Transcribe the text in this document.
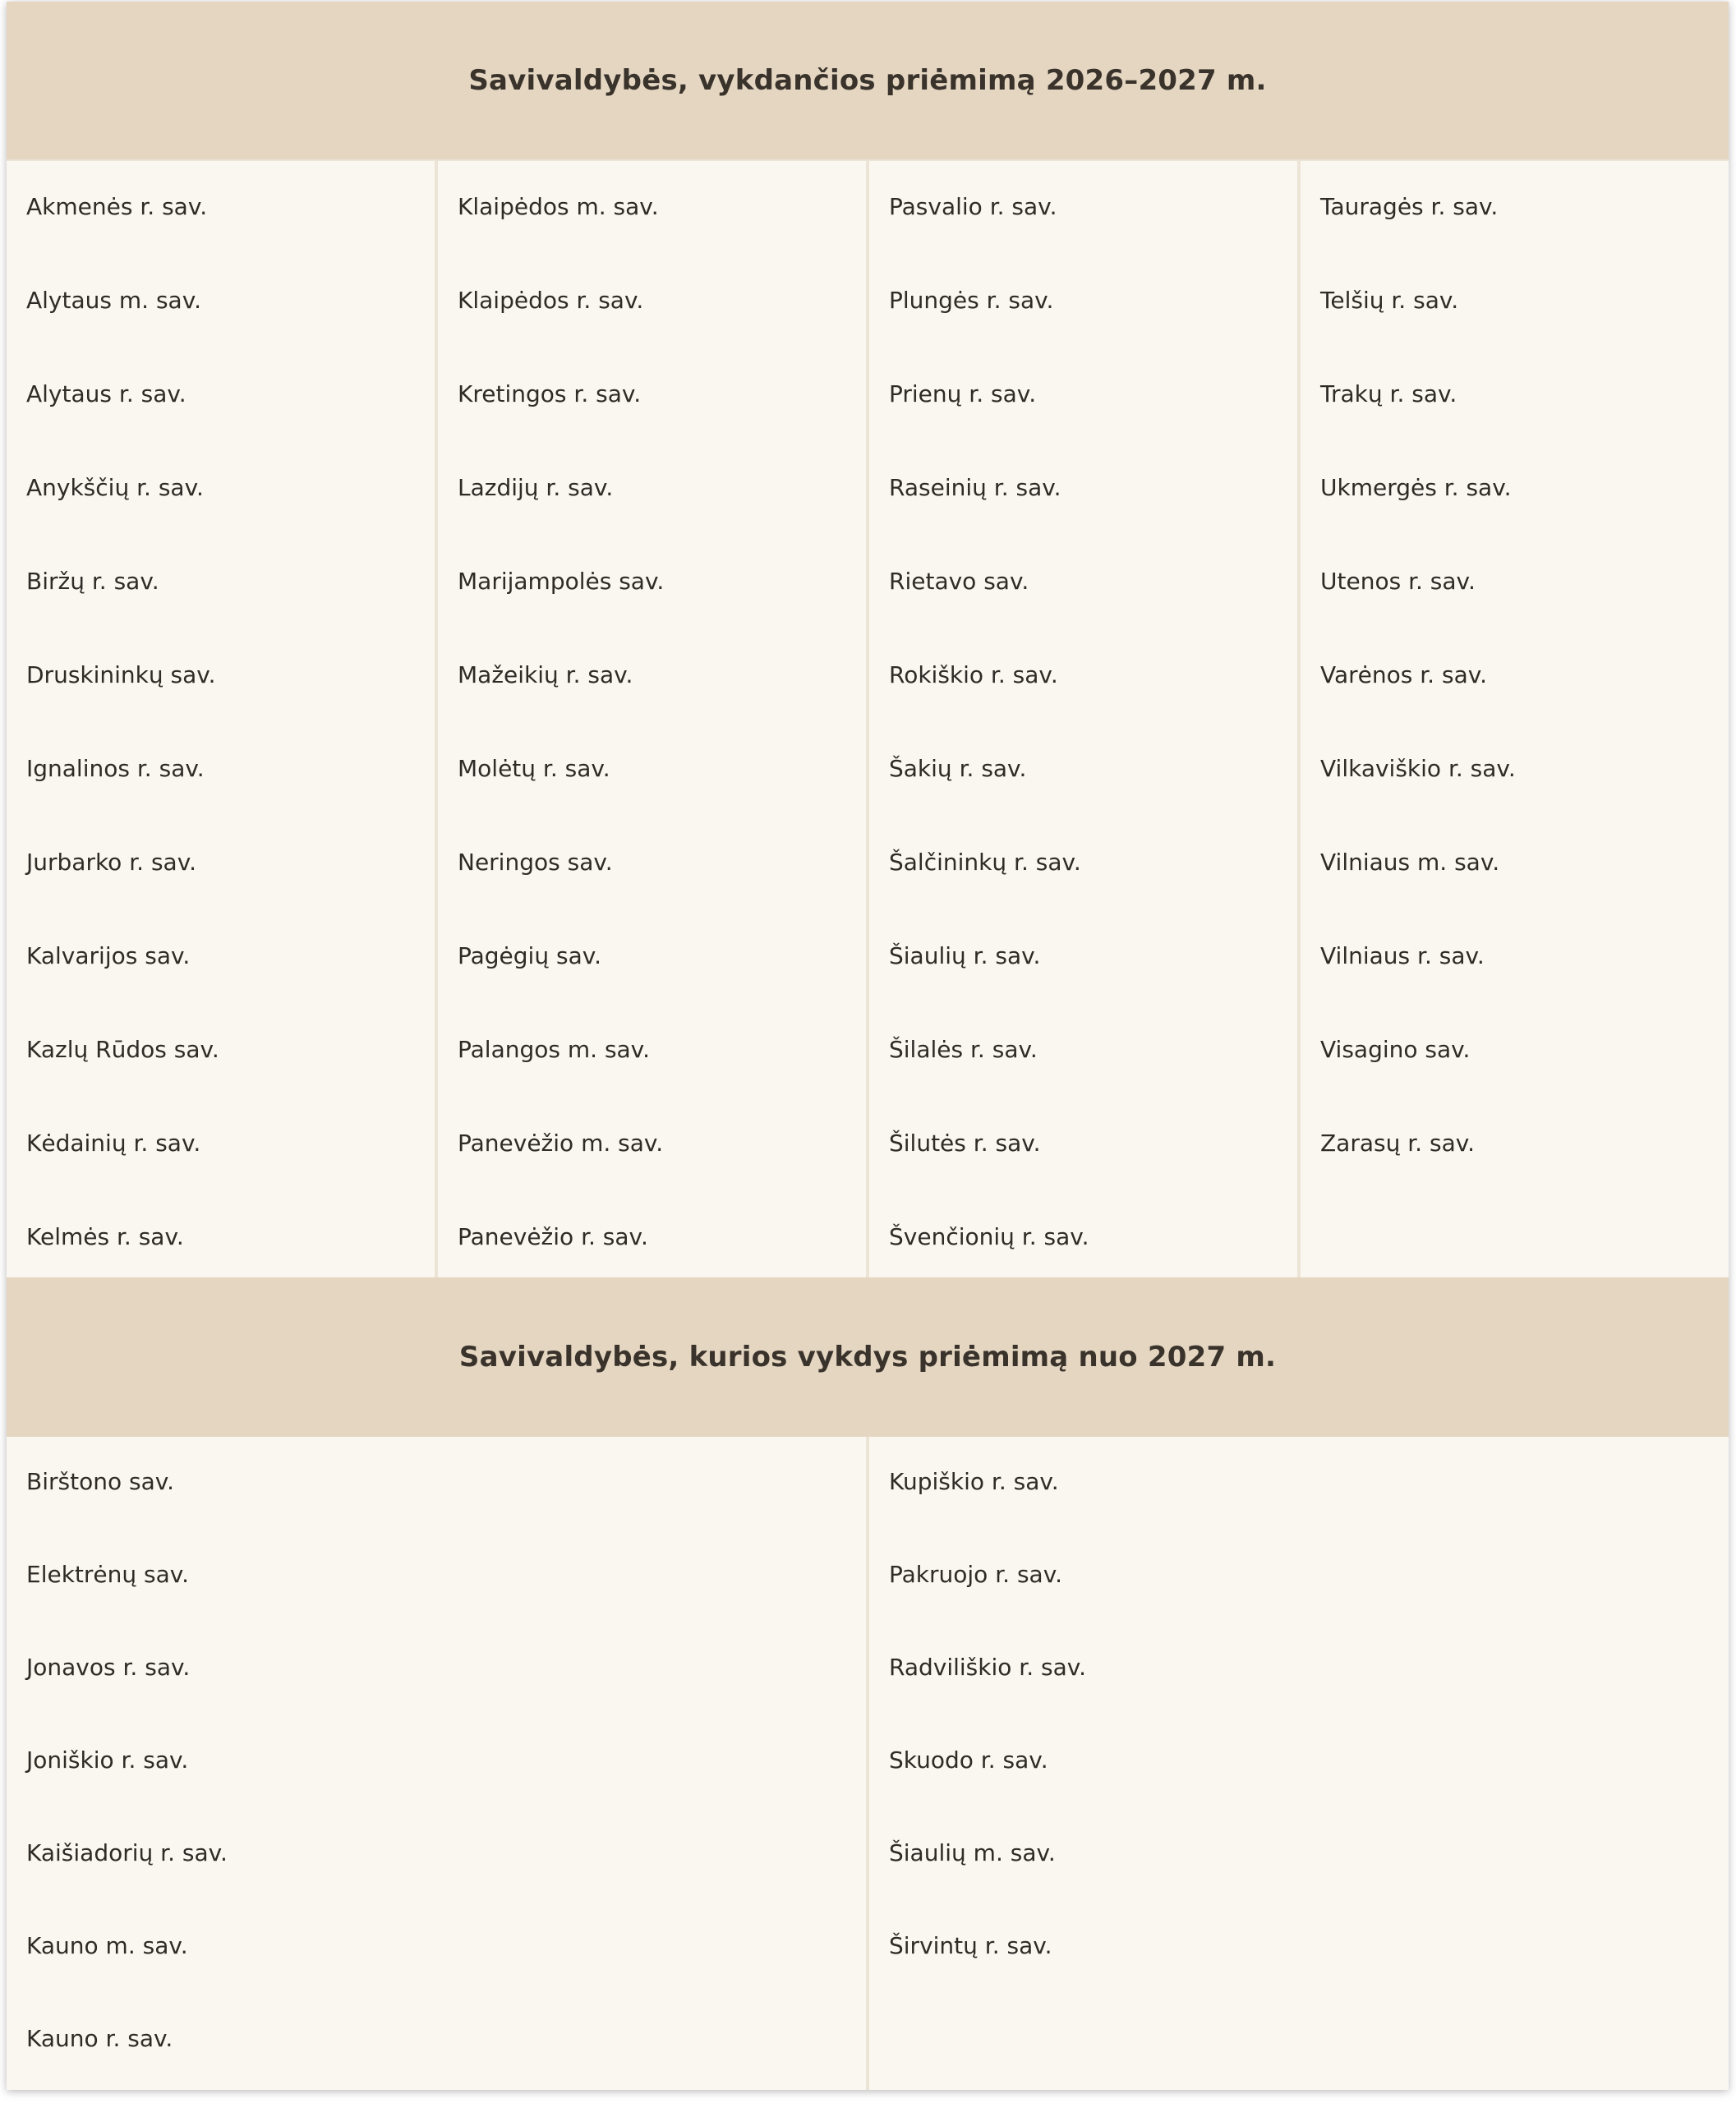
Savivaldybės, vykdančios priėmimą 2026–2027 m.
Akmenės r. sav.
Alytaus m. sav.
Alytaus r. sav.
Anykščių r. sav.
Biržų r. sav.
Druskininkų sav.
Ignalinos r. sav.
Jurbarko r. sav.
Kalvarijos sav.
Kazlų Rūdos sav.
Kėdainių r. sav.
Kelmės r. sav.
Klaipėdos m. sav.
Klaipėdos r. sav.
Kretingos r. sav.
Lazdijų r. sav.
Marijampolės sav.
Mažeikių r. sav.
Molėtų r. sav.
Neringos sav.
Pagėgių sav.
Palangos m. sav.
Panevėžio m. sav.
Panevėžio r. sav.
Pasvalio r. sav.
Plungės r. sav.
Prienų r. sav.
Raseinių r. sav.
Rietavo sav.
Rokiškio r. sav.
Šakių r. sav.
Šalčininkų r. sav.
Šiaulių r. sav.
Šilalės r. sav.
Šilutės r. sav.
Švenčionių r. sav.
Tauragės r. sav.
Telšių r. sav.
Trakų r. sav.
Ukmergės r. sav.
Utenos r. sav.
Varėnos r. sav.
Vilkaviškio r. sav.
Vilniaus m. sav.
Vilniaus r. sav.
Visagino sav.
Zarasų r. sav.
Savivaldybės, kurios vykdys priėmimą nuo 2027 m.
Birštono sav.
Elektrėnų sav.
Jonavos r. sav.
Joniškio r. sav.
Kaišiadorių r. sav.
Kauno m. sav.
Kauno r. sav.
Kupiškio r. sav.
Pakruojo r. sav.
Radviliškio r. sav.
Skuodo r. sav.
Šiaulių m. sav.
Širvintų r. sav.
